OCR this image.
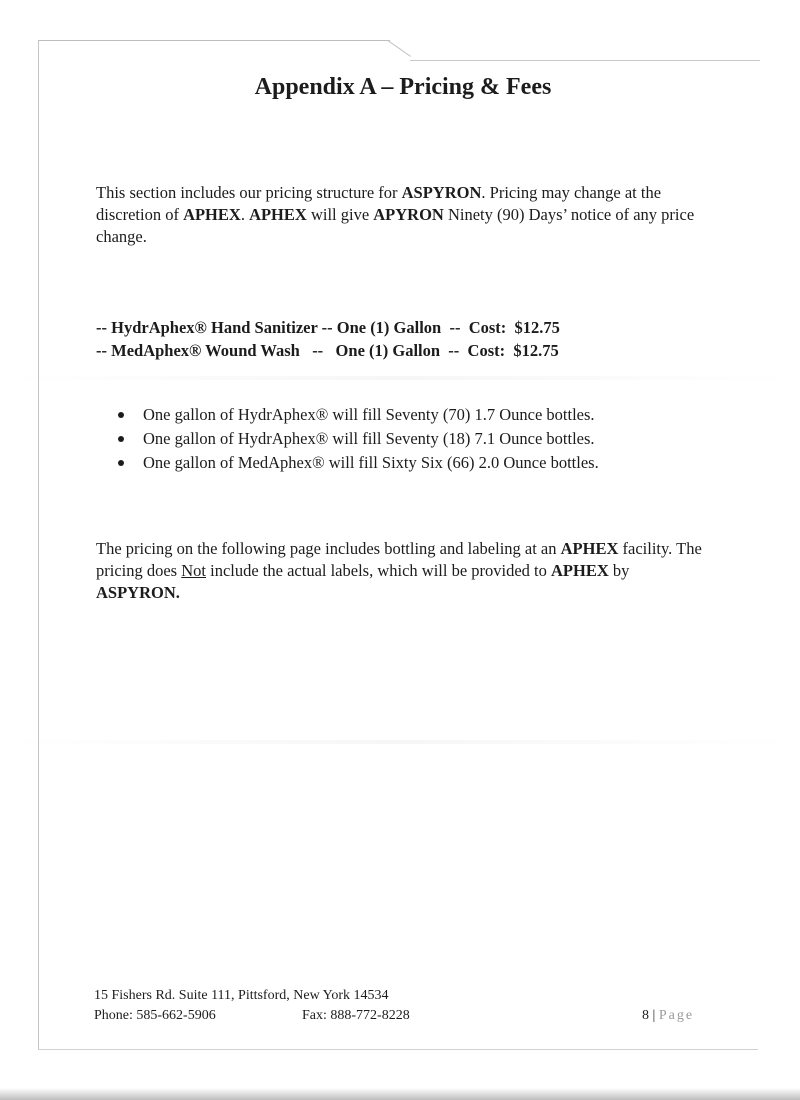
Appendix A – Pricing & Fees

This section includes our pricing structure for ASPYRON. Pricing may change at the discretion of APHEX. APHEX will give APYRON Ninety (90) Days’ notice of any price change.

-- HydrAphex® Hand Sanitizer -- One (1) Gallon  --  Cost:  $12.75
-- MedAphex® Wound Wash   --   One (1) Gallon  --  Cost:  $12.75
One gallon of HydrAphex® will fill Seventy (70) 1.7 Ounce bottles.
One gallon of HydrAphex® will fill Seventy (18) 7.1 Ounce bottles.
One gallon of MedAphex® will fill Sixty Six (66) 2.0 Ounce bottles.

The pricing on the following page includes bottling and labeling at an APHEX facility. The pricing does Not include the actual labels, which will be provided to APHEX by ASPYRON.

15 Fishers Rd. Suite 111, Pittsford, New York 14534
Phone: 585-662-5906	Fax: 888-772-8228	8 | Page
